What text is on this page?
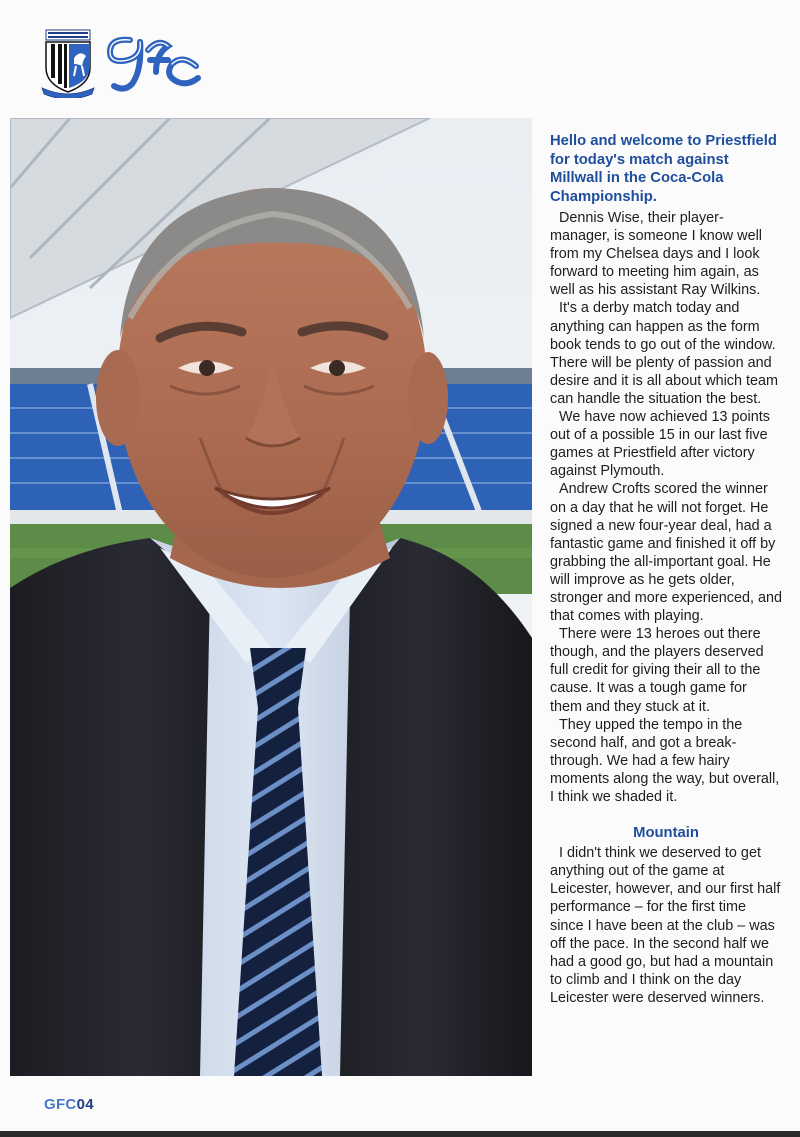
Hello and welcome to Priestfield for today's match against Millwall in the Coca-Cola Championship.

Dennis Wise, their player-manager, is someone I know well from my Chelsea days and I look forward to meeting him again, as well as his assistant Ray Wilkins.

It's a derby match today and anything can happen as the form book tends to go out of the window. There will be plenty of passion and desire and it is all about which team can handle the situation the best.

We have now achieved 13 points out of a possible 15 in our last five games at Priestfield after victory against Plymouth.

Andrew Crofts scored the winner on a day that he will not forget. He signed a new four-year deal, had a fantastic game and finished it off by grabbing the all-important goal. He will improve as he gets older, stronger and more experienced, and that comes with playing.

There were 13 heroes out there though, and the players deserved full credit for giving their all to the cause. It was a tough game for them and they stuck at it.

They upped the tempo in the second half, and got a break-through. We had a few hairy moments along the way, but overall, I think we shaded it.

Mountain

I didn't think we deserved to get anything out of the game at Leicester, however, and our first half performance – for the first time since I have been at the club – was off the pace. In the second half we had a good go, but had a mountain to climb and I think on the day Leicester were deserved winners.

GFC04
